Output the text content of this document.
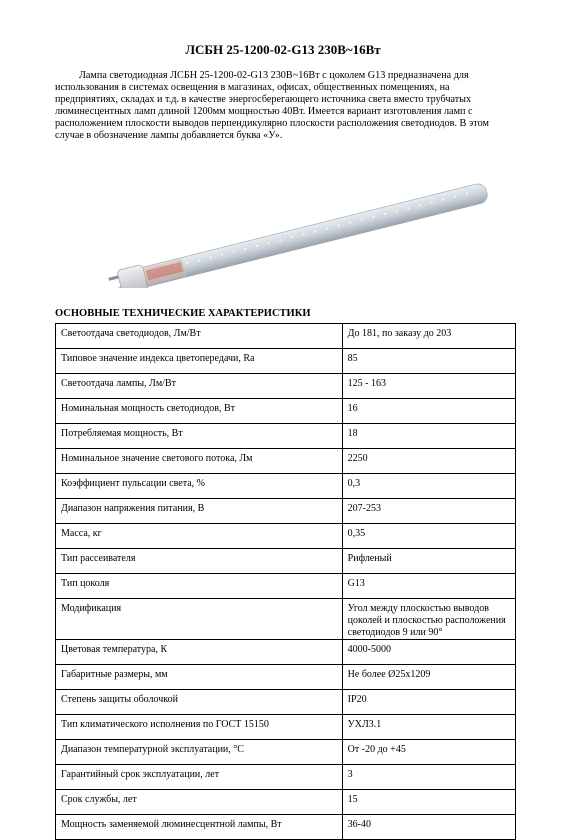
ЛСБН 25-1200-02-G13 230В~16Вт

Лампа светодиодная ЛСБН 25-1200-02-G13 230В~16Вт с цоколем G13 предназначена для использования в системах освещения в магазинах, офисах, общественных помещениях, на предприятиях, складах и т.д. в качестве энергосберегающего источника света вместо трубчатых люминесцентных ламп длиной 1200мм мощностью 40Вт. Имеется вариант изготовления ламп с расположением плоскости выводов перпендикулярно плоскости расположения светодиодов. В этом случае в обозначение лампы добавляется буква «У».

ОСНОВНЫЕ ТЕХНИЧЕСКИЕ ХАРАКТЕРИСТИКИ
Светоотдача светодиодов, Лм/Вт	До 181, по заказу до 203
Типовое значение индекса цветопередачи, Ra	85
Светоотдача лампы, Лм/Вт	125 - 163
Номинальная мощность светодиодов, Вт	16
Потребляемая мощность, Вт	18
Номинальное значение светового потока, Лм	2250
Коэффициент пульсации света, %	0,3
Диапазон напряжения питания, В	207-253
Масса, кг	0,35
Тип рассеивателя	Рифленый
Тип цоколя	G13
Модификация	Угол между плоскостью выводов
цоколей и плоскостью расположения
светодиодов 9 или 90°
Цветовая температура, К	4000-5000
Габаритные размеры, мм	Не более Ø25х1209
Степень защиты оболочкой	IP20
Тип климатического исполнения по ГОСТ 15150	УХЛ3.1
Диапазон температурной эксплуатации, °С	От -20 до +45
Гарантийный срок эксплуатации, лет	3
Срок службы, лет	15
Мощность заменяемой люминесцентной лампы, Вт	36-40
